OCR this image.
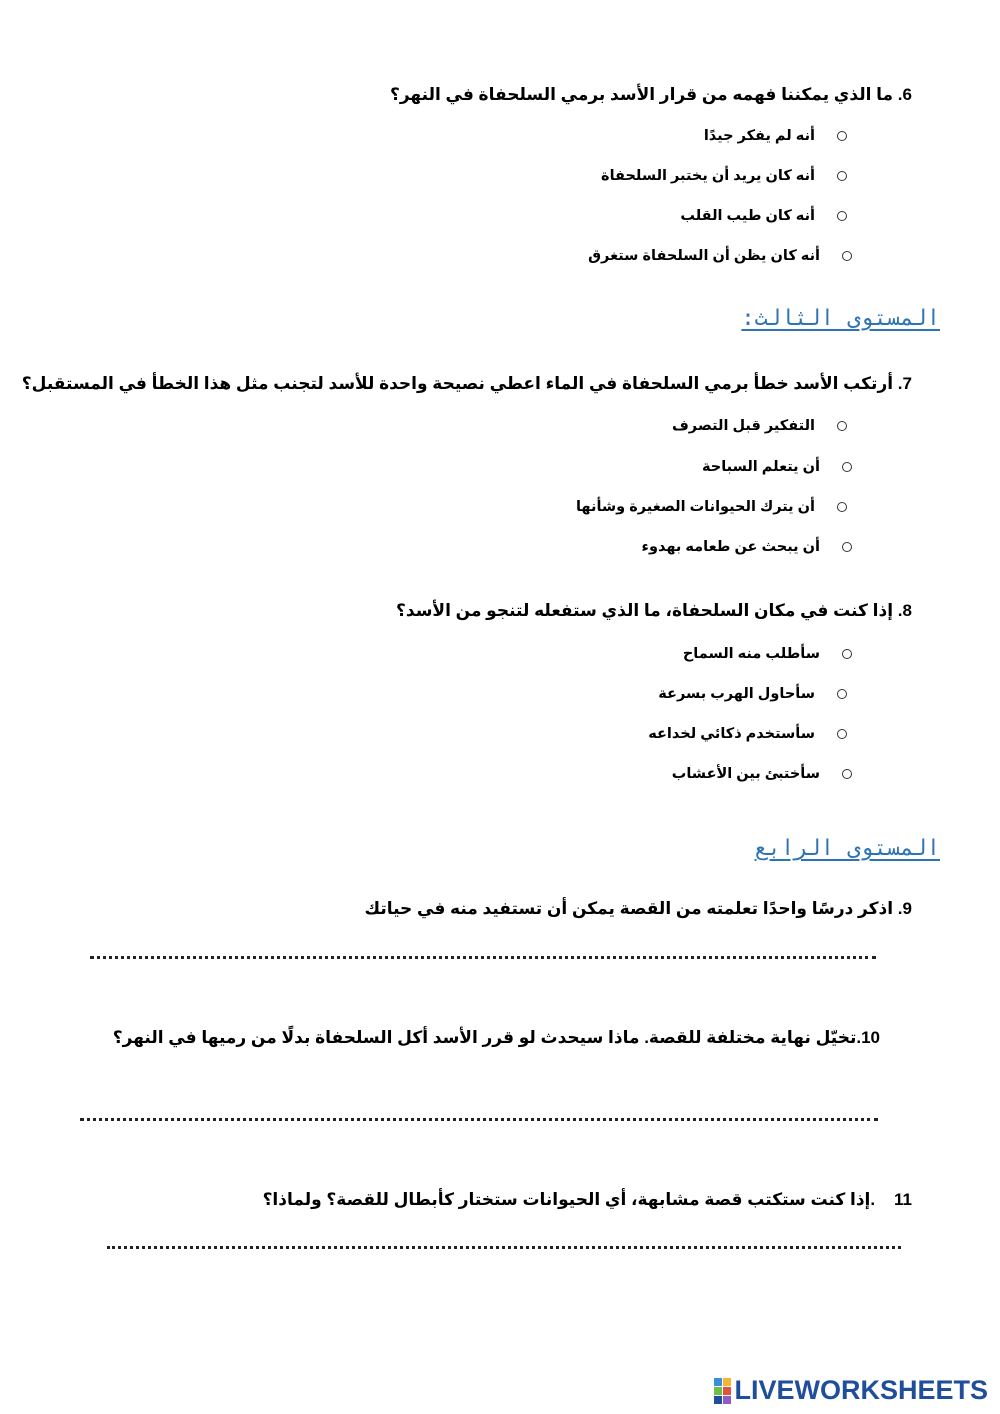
6. ما الذي يمكننا فهمه من قرار الأسد برمي السلحفاة في النهر؟
أنه لم يفكر جيدًا
أنه كان يريد أن يختبر السلحفاة
أنه كان طيب القلب
أنه كان يظن أن السلحفاة ستغرق
المستوى الثالث:
7. أرتكب الأسد خطأ برمي السلحفاة في الماء اعطي نصيحة واحدة للأسد لتجنب مثل هذا الخطأ في المستقبل؟
التفكير قبل التصرف
أن يتعلم السباحة
أن يترك الحيوانات الصغيرة وشأنها
أن يبحث عن طعامه بهدوء
8. إذا كنت في مكان السلحفاة، ما الذي ستفعله لتنجو من الأسد؟
سأطلب منه السماح
سأحاول الهرب بسرعة
سأستخدم ذكائي لخداعه
سأختبئ بين الأعشاب
المستوى الرابع
9. اذكر درسًا واحدًا تعلمته من القصة يمكن أن تستفيد منه في حياتك
10.تخيّل نهاية مختلفة للقصة. ماذا سيحدث لو قرر الأسد أكل السلحفاة بدلًا من رميها في النهر؟
11    .إذا كنت ستكتب قصة مشابهة، أي الحيوانات ستختار كأبطال للقصة؟ ولماذا؟
LIVEWORKSHEETS
